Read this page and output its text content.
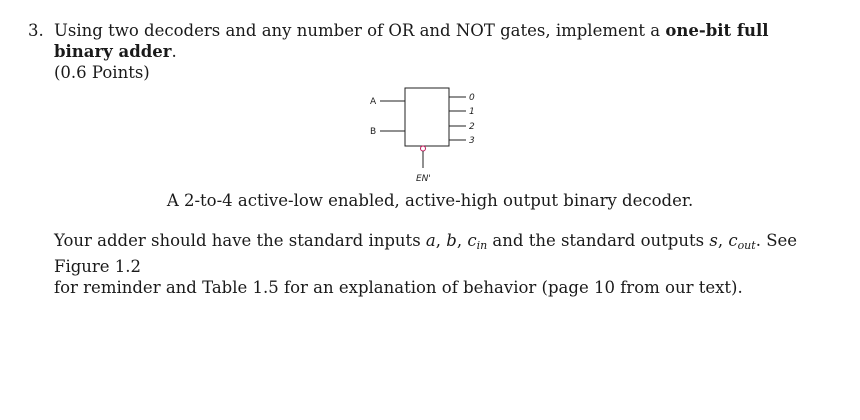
3. Using two decoders and any number of OR and NOT gates, implement a one-bit full binary adder.
(0.6 Points)
A
B
0
1
2
3
EN'
A 2-to-4 active-low enabled, active-high output binary decoder.
Your adder should have the standard inputs a, b, $c_{in}$ and the standard outputs s, $c_{out}$. See Figure 1.2
for reminder and Table 1.5 for an explanation of behavior (page 10 from our text).
